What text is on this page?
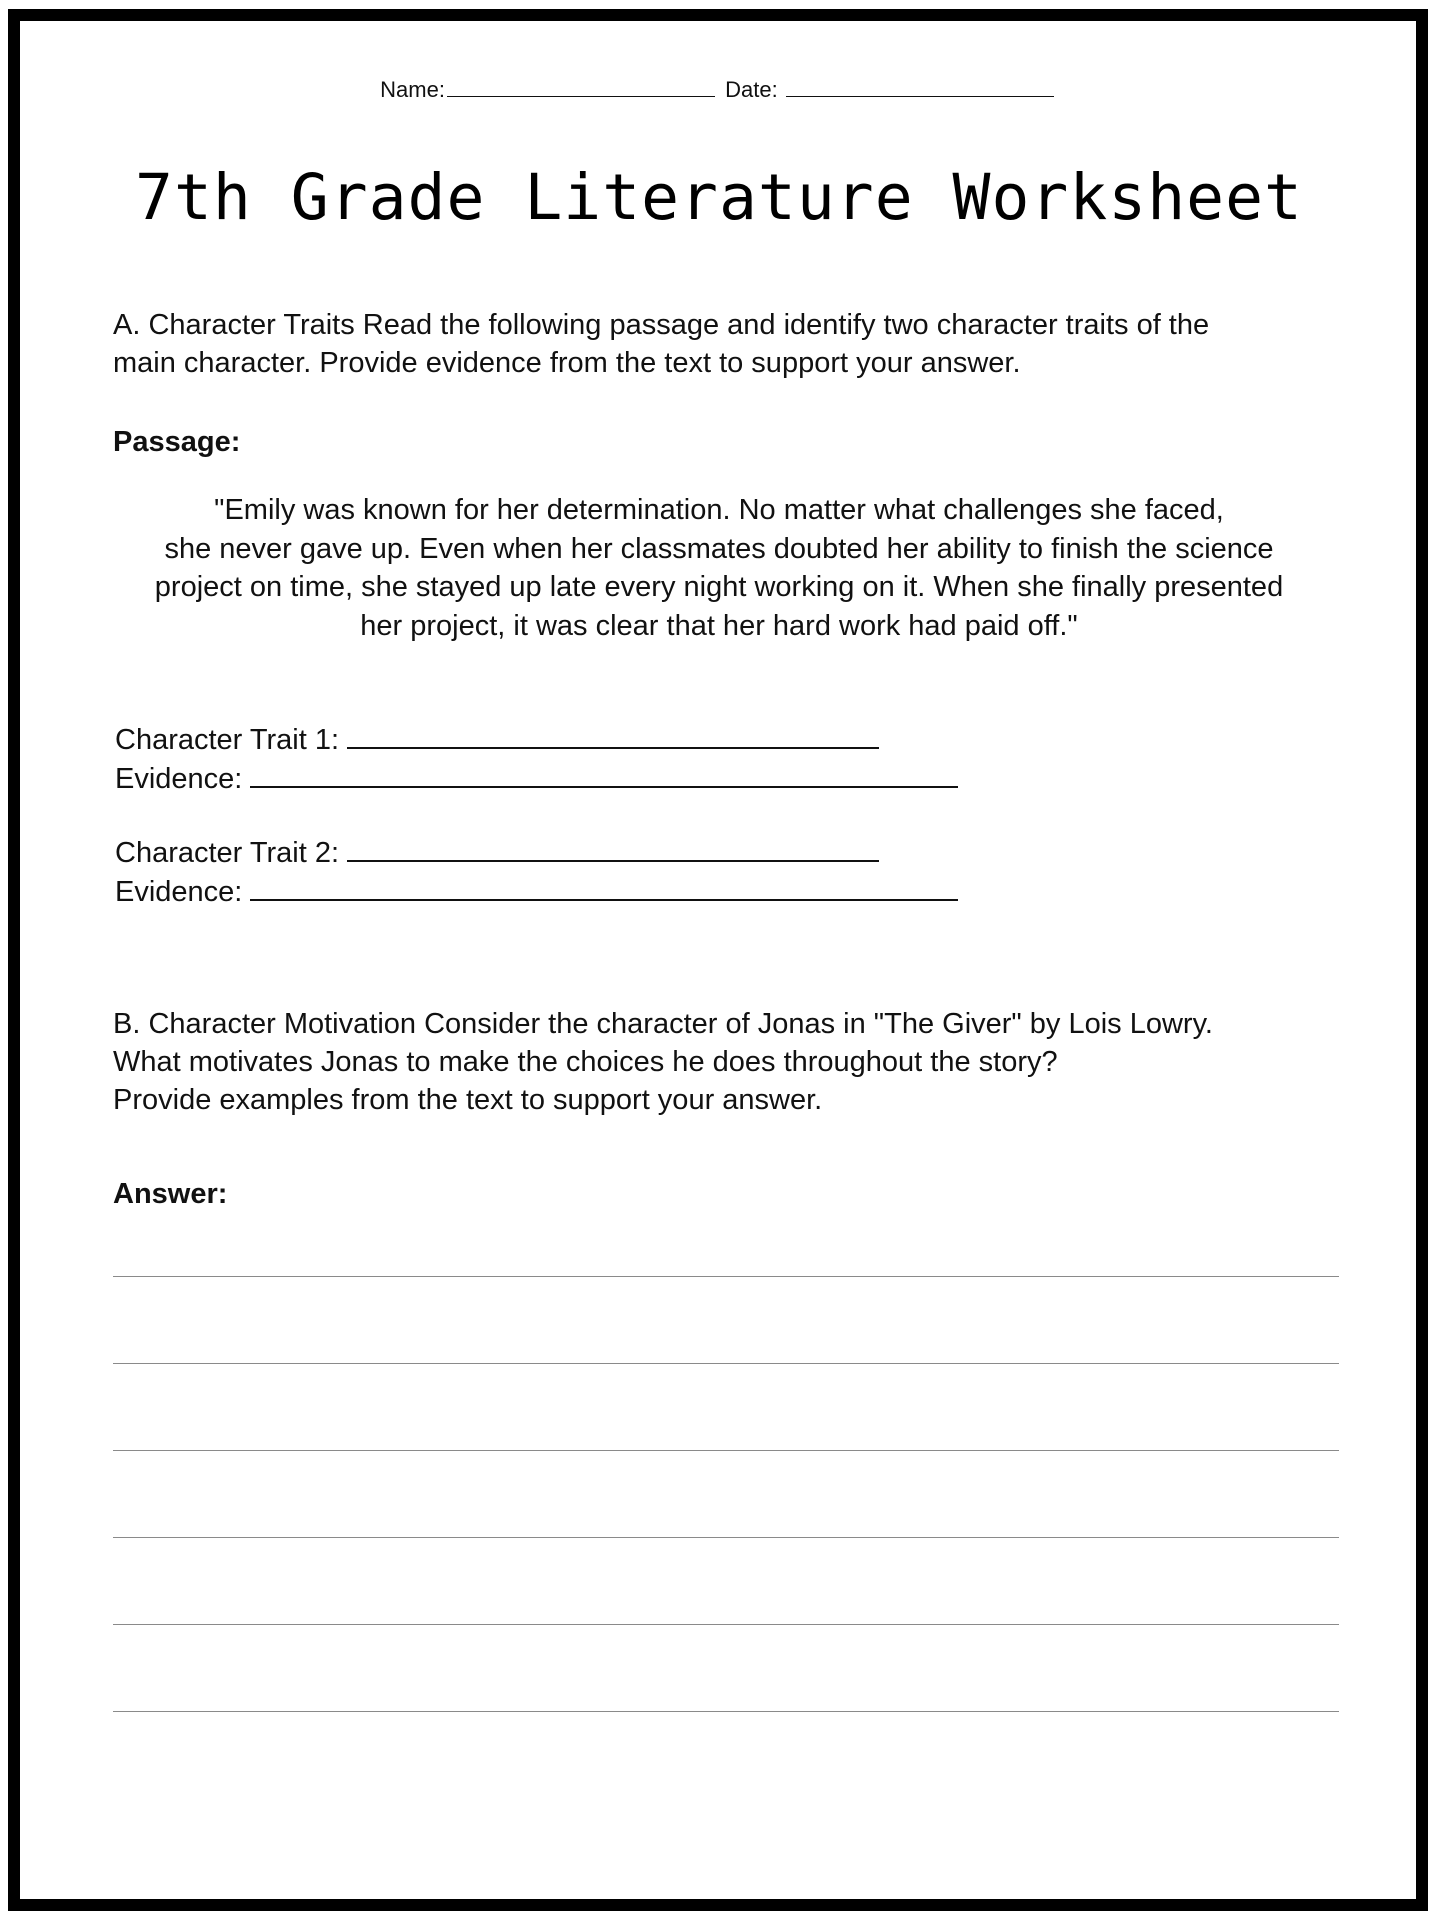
Name:	Date:
7th Grade Literature Worksheet
A. Character Traits Read the following passage and identify two character traits of the
main character. Provide evidence from the text to support your answer.
Passage:
"Emily was known for her determination. No matter what challenges she faced,
she never gave up. Even when her classmates doubted her ability to finish the science
project on time, she stayed up late every night working on it. When she finally presented
her project, it was clear that her hard work had paid off."
Character Trait 1:
Evidence:
Character Trait 2:
Evidence:
B. Character Motivation Consider the character of Jonas in "The Giver" by Lois Lowry.
What motivates Jonas to make the choices he does throughout the story?
Provide examples from the text to support your answer.
Answer:
